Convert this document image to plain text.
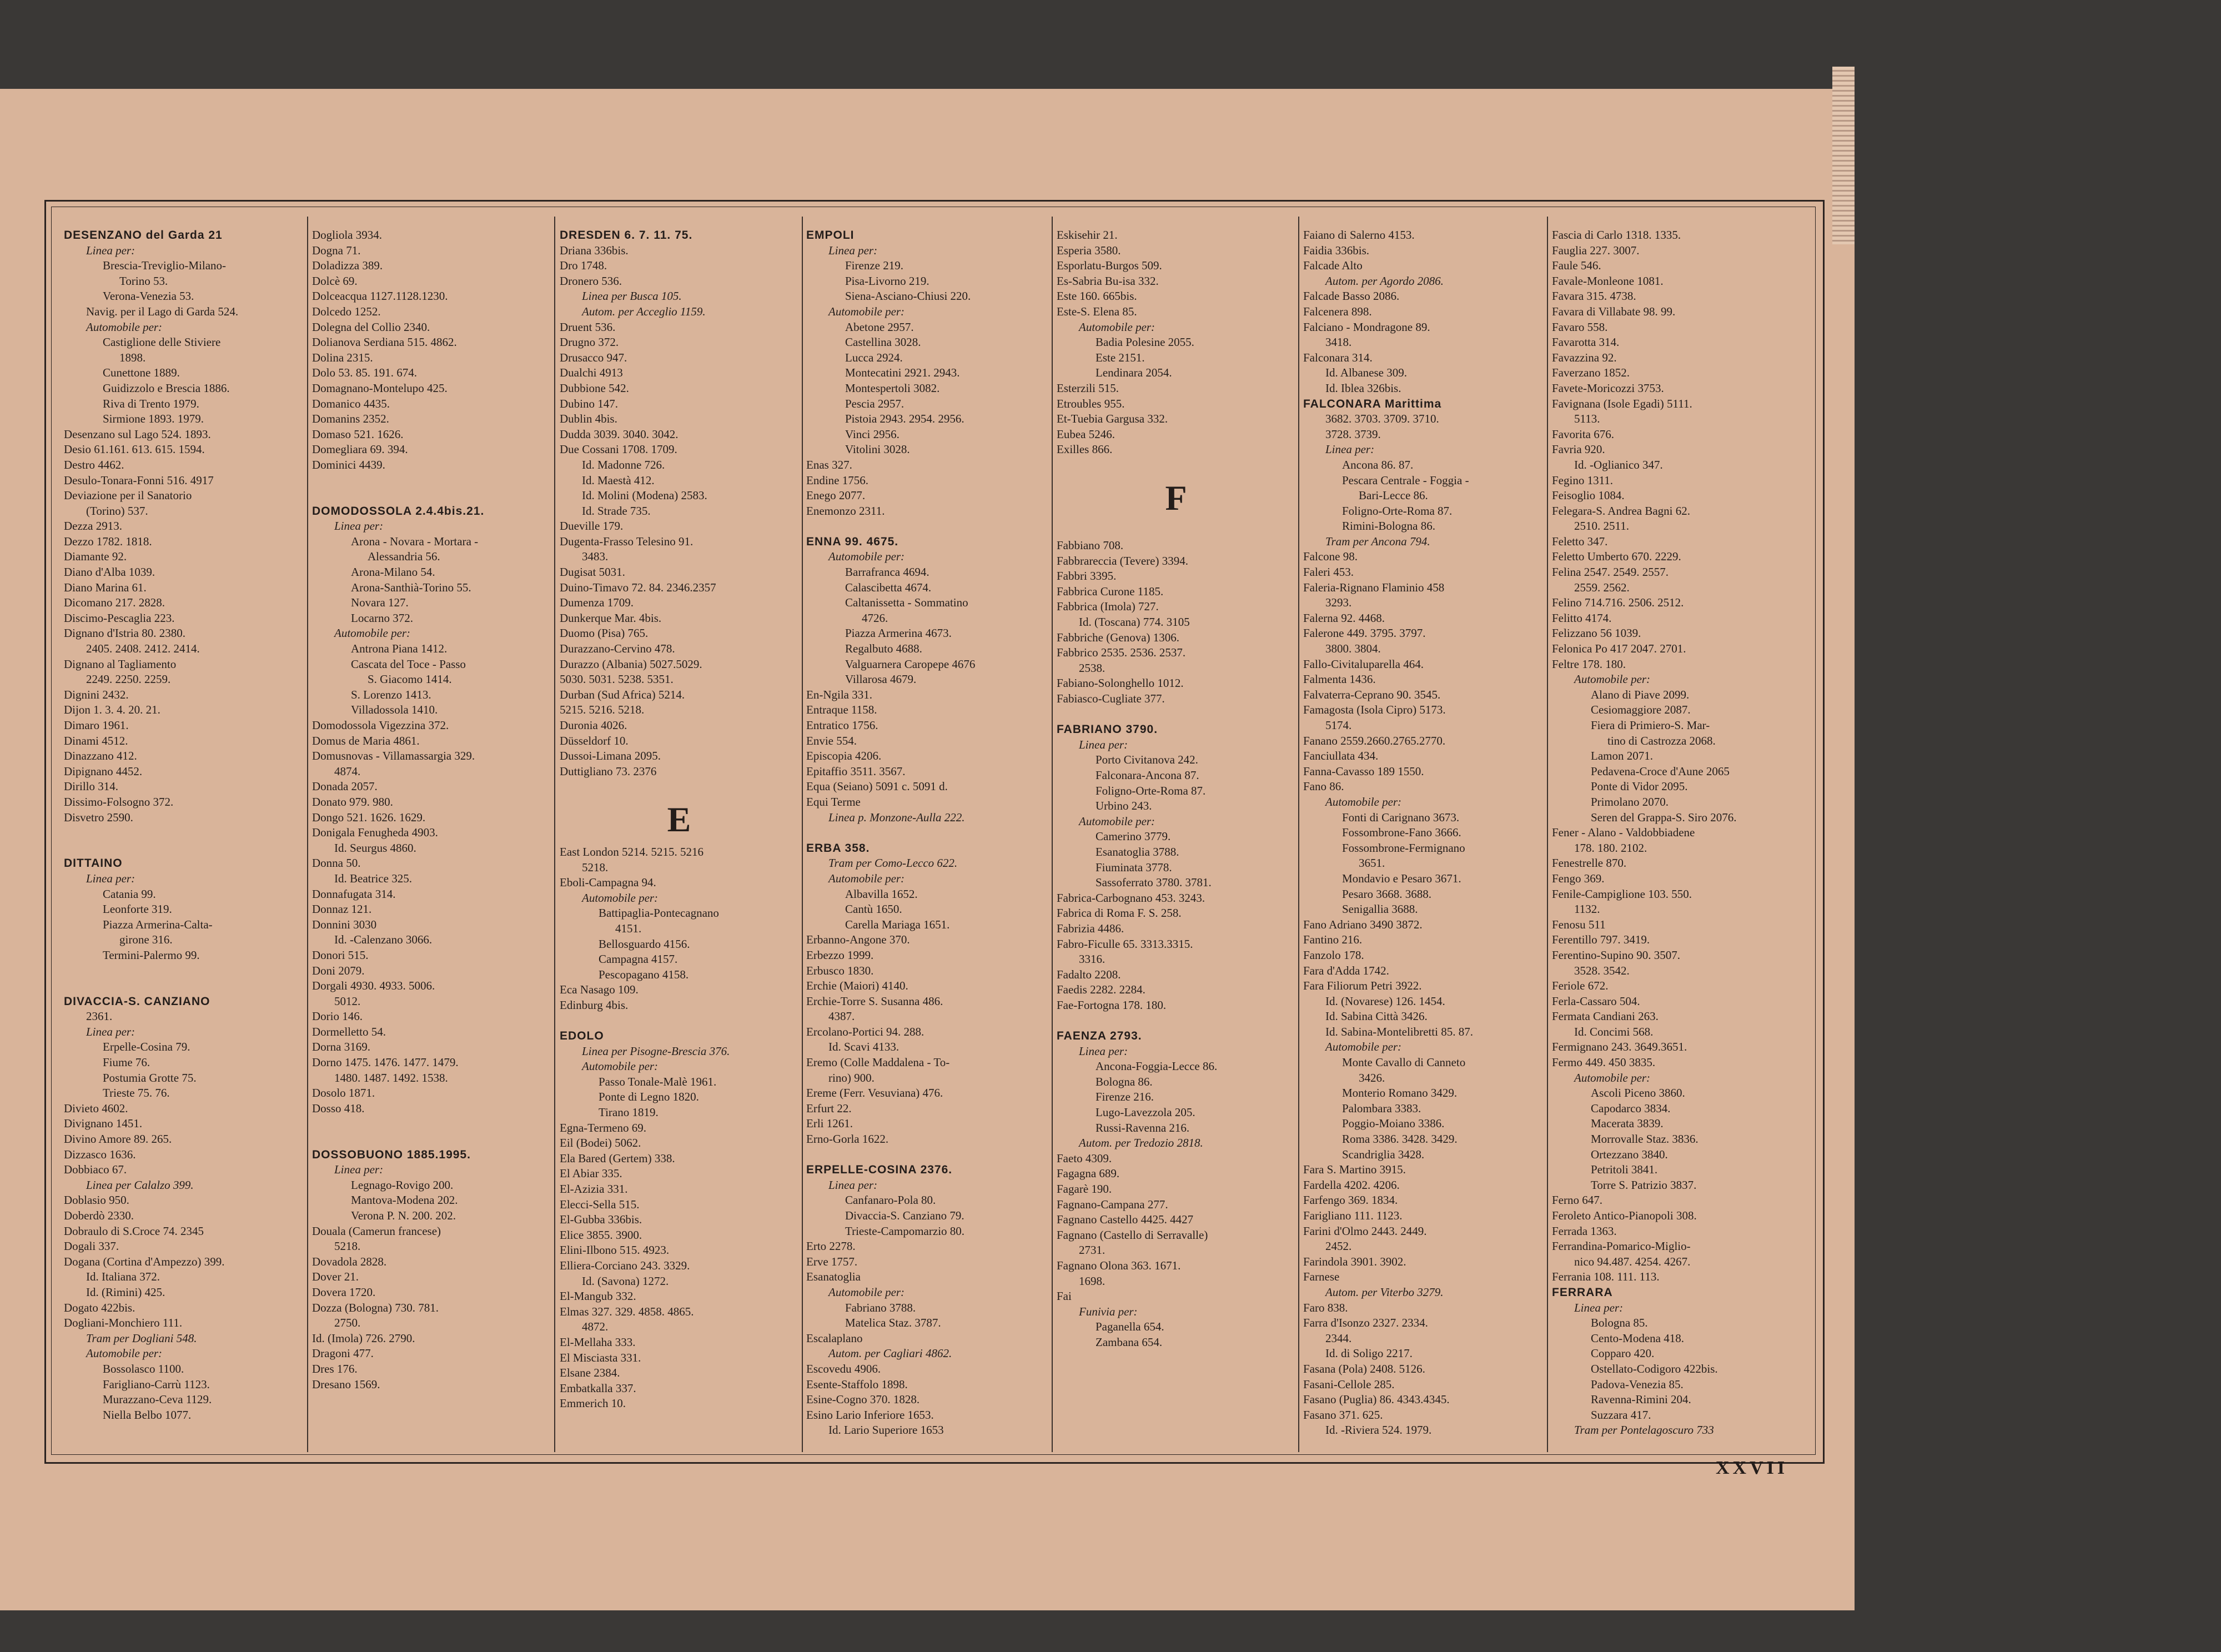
DESENZANO del Garda 21
Linea per:
Brescia-Treviglio-Milano-
Torino 53.
Verona-Venezia 53.
Navig. per il Lago di Garda 524.
Automobile per:
Castiglione delle Stiviere
1898.
Cunettone 1889.
Guidizzolo e Brescia 1886.
Riva di Trento 1979.
Sirmione 1893. 1979.
Desenzano sul Lago 524. 1893.
Desio 61.161. 613. 615. 1594.
Destro 4462.
Desulo-Tonara-Fonni 516. 4917
Deviazione per il Sanatorio
(Torino) 537.
Dezza 2913.
Dezzo 1782. 1818.
Diamante 92.
Diano d'Alba 1039.
Diano Marina 61.
Dicomano 217. 2828.
Discimo-Pescaglia 223.
Dignano d'Istria 80. 2380.
2405. 2408. 2412. 2414.
Dignano al Tagliamento
2249. 2250. 2259.
Dignini 2432.
Dijon 1. 3. 4. 20. 21.
Dimaro 1961.
Dinami 4512.
Dinazzano 412.
Dipignano 4452.
Dirillo 314.
Dissimo-Folsogno 372.
Disvetro 2590.
DITTAINO
Linea per:
Catania 99.
Leonforte 319.
Piazza Armerina-Calta-
girone 316.
Termini-Palermo 99.
DIVACCIA-S. CANZIANO
2361.
Linea per:
Erpelle-Cosina 79.
Fiume 76.
Postumia Grotte 75.
Trieste 75. 76.
Divieto 4602.
Divignano 1451.
Divino Amore 89. 265.
Dizzasco 1636.
Dobbiaco 67.
Linea per Calalzo 399.
Doblasio 950.
Doberdò 2330.
Dobraulo di S.Croce 74. 2345
Dogali 337.
Dogana (Cortina d'Ampezzo) 399.
Id. Italiana 372.
Id. (Rimini) 425.
Dogato 422bis.
Dogliani-Monchiero 111.
Tram per Dogliani 548.
Automobile per:
Bossolasco 1100.
Farigliano-Carrù 1123.
Murazzano-Ceva 1129.
Niella Belbo 1077.
Dogliola 3934.
Dogna 71.
Doladizza 389.
Dolcè 69.
Dolceacqua 1127.1128.1230.
Dolcedo 1252.
Dolegna del Collio 2340.
Dolianova Serdiana 515. 4862.
Dolina 2315.
Dolo 53. 85. 191. 674.
Domagnano-Montelupo 425.
Domanico 4435.
Domanins 2352.
Domaso 521. 1626.
Domegliara 69. 394.
Dominici 4439.
DOMODOSSOLA 2.4.4bis.21.
Linea per:
Arona - Novara - Mortara -
Alessandria 56.
Arona-Milano 54.
Arona-Santhià-Torino 55.
Novara 127.
Locarno 372.
Automobile per:
Antrona Piana 1412.
Cascata del Toce - Passo
S. Giacomo 1414.
S. Lorenzo 1413.
Villadossola 1410.
Domodossola Vigezzina 372.
Domus de Maria 4861.
Domusnovas - Villamassargia 329.
4874.
Donada 2057.
Donato 979. 980.
Dongo 521. 1626. 1629.
Donigala Fenugheda 4903.
Id. Seurgus 4860.
Donna 50.
Id. Beatrice 325.
Donnafugata 314.
Donnaz 121.
Donnini 3030
Id. -Calenzano 3066.
Donori 515.
Doni 2079.
Dorgali 4930. 4933. 5006.
5012.
Dorio 146.
Dormelletto 54.
Dorna 3169.
Dorno 1475. 1476. 1477. 1479.
1480. 1487. 1492. 1538.
Dosolo 1871.
Dosso 418.
DOSSOBUONO 1885.1995.
Linea per:
Legnago-Rovigo 200.
Mantova-Modena 202.
Verona P. N. 200. 202.
Douala (Camerun francese)
5218.
Dovadola 2828.
Dover 21.
Dovera 1720.
Dozza (Bologna) 730. 781.
2750.
Id. (Imola) 726. 2790.
Dragoni 477.
Dres 176.
Dresano 1569.
DRESDEN 6. 7. 11. 75.
Driana 336bis.
Dro 1748.
Dronero 536.
Linea per Busca 105.
Autom. per Acceglio 1159.
Druent 536.
Drugno 372.
Drusacco 947.
Dualchi 4913
Dubbione 542.
Dubino 147.
Dublin 4bis.
Dudda 3039. 3040. 3042.
Due Cossani 1708. 1709.
Id. Madonne 726.
Id. Maestà 412.
Id. Molini (Modena) 2583.
Id. Strade 735.
Dueville 179.
Dugenta-Frasso Telesino 91.
3483.
Dugisat 5031.
Duino-Timavo 72. 84. 2346.2357
Dumenza 1709.
Dunkerque Mar. 4bis.
Duomo (Pisa) 765.
Durazzano-Cervino 478.
Durazzo (Albania) 5027.5029.
5030. 5031. 5238. 5351.
Durban (Sud Africa) 5214.
5215. 5216. 5218.
Duronia 4026.
Düsseldorf 10.
Dussoi-Limana 2095.
Duttigliano 73. 2376
E
East London 5214. 5215. 5216
5218.
Eboli-Campagna 94.
Automobile per:
Battipaglia-Pontecagnano
4151.
Bellosguardo 4156.
Campagna 4157.
Pescopagano 4158.
Eca Nasago 109.
Edinburg 4bis.
EDOLO
Linea per Pisogne-Brescia 376.
Automobile per:
Passo Tonale-Malè 1961.
Ponte di Legno 1820.
Tirano 1819.
Egna-Termeno 69.
Eil (Bodei) 5062.
Ela Bared (Gertem) 338.
El Abiar 335.
El-Azizia 331.
Elecci-Sella 515.
El-Gubba 336bis.
Elice 3855. 3900.
Elini-Ilbono 515. 4923.
Elliera-Corciano 243. 3329.
Id. (Savona) 1272.
El-Mangub 332.
Elmas 327. 329. 4858. 4865.
4872.
El-Mellaha 333.
El Misciasta 331.
Elsane 2384.
Embatkalla 337.
Emmerich 10.
EMPOLI
Linea per:
Firenze 219.
Pisa-Livorno 219.
Siena-Asciano-Chiusi 220.
Automobile per:
Abetone 2957.
Castellina 3028.
Lucca 2924.
Montecatini 2921. 2943.
Montespertoli 3082.
Pescia 2957.
Pistoia 2943. 2954. 2956.
Vinci 2956.
Vitolini 3028.
Enas 327.
Endine 1756.
Enego 2077.
Enemonzo 2311.
ENNA 99. 4675.
Automobile per:
Barrafranca 4694.
Calascibetta 4674.
Caltanissetta - Sommatino
4726.
Piazza Armerina 4673.
Regalbuto 4688.
Valguarnera Caropepe 4676
Villarosa 4679.
En-Ngila 331.
Entraque 1158.
Entratico 1756.
Envie 554.
Episcopia 4206.
Epitaffio 3511. 3567.
Equa (Seiano) 5091 c. 5091 d.
Equi Terme
Linea p. Monzone-Aulla 222.
ERBA 358.
Tram per Como-Lecco 622.
Automobile per:
Albavilla 1652.
Cantù 1650.
Carella Mariaga 1651.
Erbanno-Angone 370.
Erbezzo 1999.
Erbusco 1830.
Erchie (Maiori) 4140.
Erchie-Torre S. Susanna 486.
4387.
Ercolano-Portici 94. 288.
Id. Scavi 4133.
Eremo (Colle Maddalena - To-
rino) 900.
Ereme (Ferr. Vesuviana) 476.
Erfurt 22.
Erli 1261.
Erno-Gorla 1622.
ERPELLE-COSINA 2376.
Linea per:
Canfanaro-Pola 80.
Divaccia-S. Canziano 79.
Trieste-Campomarzio 80.
Erto 2278.
Erve 1757.
Esanatoglia
Automobile per:
Fabriano 3788.
Matelica Staz. 3787.
Escalaplano
Autom. per Cagliari 4862.
Escovedu 4906.
Esente-Staffolo 1898.
Esine-Cogno 370. 1828.
Esino Lario Inferiore 1653.
Id. Lario Superiore 1653
Eskisehir 21.
Esperia 3580.
Esporlatu-Burgos 509.
Es-Sabria Bu-isa 332.
Este 160. 665bis.
Este-S. Elena 85.
Automobile per:
Badia Polesine 2055.
Este 2151.
Lendinara 2054.
Esterzili 515.
Etroubles 955.
Et-Tuebia Gargusa 332.
Eubea 5246.
Exilles 866.
F
Fabbiano 708.
Fabbrareccia (Tevere) 3394.
Fabbri 3395.
Fabbrica Curone 1185.
Fabbrica (Imola) 727.
Id. (Toscana) 774. 3105
Fabbriche (Genova) 1306.
Fabbrico 2535. 2536. 2537.
2538.
Fabiano-Solonghello 1012.
Fabiasco-Cugliate 377.
FABRIANO 3790.
Linea per:
Porto Civitanova 242.
Falconara-Ancona 87.
Foligno-Orte-Roma 87.
Urbino 243.
Automobile per:
Camerino 3779.
Esanatoglia 3788.
Fiuminata 3778.
Sassoferrato 3780. 3781.
Fabrica-Carbognano 453. 3243.
Fabrica di Roma F. S. 258.
Fabrizia 4486.
Fabro-Ficulle 65. 3313.3315.
3316.
Fadalto 2208.
Faedis 2282. 2284.
Fae-Fortogna 178. 180.
FAENZA 2793.
Linea per:
Ancona-Foggia-Lecce 86.
Bologna 86.
Firenze 216.
Lugo-Lavezzola 205.
Russi-Ravenna 216.
Autom. per Tredozio 2818.
Faeto 4309.
Fagagna 689.
Fagarè 190.
Fagnano-Campana 277.
Fagnano Castello 4425. 4427
Fagnano (Castello di Serravalle)
2731.
Fagnano Olona 363. 1671.
1698.
Fai
Funivia per:
Paganella 654.
Zambana 654.
Faiano di Salerno 4153.
Faidia 336bis.
Falcade Alto
Autom. per Agordo 2086.
Falcade Basso 2086.
Falcenera 898.
Falciano - Mondragone 89.
3418.
Falconara 314.
Id. Albanese 309.
Id. Iblea 326bis.
FALCONARA Marittima
3682. 3703. 3709. 3710.
3728. 3739.
Linea per:
Ancona 86. 87.
Pescara Centrale - Foggia -
Bari-Lecce 86.
Foligno-Orte-Roma 87.
Rimini-Bologna 86.
Tram per Ancona 794.
Falcone 98.
Faleri 453.
Faleria-Rignano Flaminio 458
3293.
Falerna 92. 4468.
Falerone 449. 3795. 3797.
3800. 3804.
Fallo-Civitaluparella 464.
Falmenta 1436.
Falvaterra-Ceprano 90. 3545.
Famagosta (Isola Cipro) 5173.
5174.
Fanano 2559.2660.2765.2770.
Fanciullata 434.
Fanna-Cavasso 189 1550.
Fano 86.
Automobile per:
Fonti di Carignano 3673.
Fossombrone-Fano 3666.
Fossombrone-Fermignano
3651.
Mondavio e Pesaro 3671.
Pesaro 3668. 3688.
Senigallia 3688.
Fano Adriano 3490 3872.
Fantino 216.
Fanzolo 178.
Fara d'Adda 1742.
Fara Filiorum Petri 3922.
Id. (Novarese) 126. 1454.
Id. Sabina Città 3426.
Id. Sabina-Montelibretti 85. 87.
Automobile per:
Monte Cavallo di Canneto
3426.
Monterio Romano 3429.
Palombara 3383.
Poggio-Moiano 3386.
Roma 3386. 3428. 3429.
Scandriglia 3428.
Fara S. Martino 3915.
Fardella 4202. 4206.
Farfengo 369. 1834.
Farigliano 111. 1123.
Farini d'Olmo 2443. 2449.
2452.
Farindola 3901. 3902.
Farnese
Autom. per Viterbo 3279.
Faro 838.
Farra d'Isonzo 2327. 2334.
2344.
Id. di Soligo 2217.
Fasana (Pola) 2408. 5126.
Fasani-Cellole 285.
Fasano (Puglia) 86. 4343.4345.
Fasano 371. 625.
Id. -Riviera 524. 1979.
Fascia di Carlo 1318. 1335.
Faugliа 227. 3007.
Faule 546.
Favale-Monleone 1081.
Favara 315. 4738.
Favara di Villabate 98. 99.
Favaro 558.
Favarotta 314.
Favazzina 92.
Faverzano 1852.
Favete-Moricozzi 3753.
Favignana (Isole Egadi) 5111.
5113.
Favorita 676.
Favria 920.
Id. -Oglianico 347.
Fegino 1311.
Feisoglio 1084.
Felegara-S. Andrea Bagni 62.
2510. 2511.
Feletto 347.
Feletto Umberto 670. 2229.
Felina 2547. 2549. 2557.
2559. 2562.
Felino 714.716. 2506. 2512.
Felitto 4174.
Felizzano 56 1039.
Felonica Po 417 2047. 2701.
Feltre 178. 180.
Automobile per:
Alano di Piave 2099.
Cesiomaggiore 2087.
Fiera di Primiero-S. Mar-
tino di Castrozza 2068.
Lamon 2071.
Pedavena-Croce d'Aune 2065
Ponte di Vidor 2095.
Primolano 2070.
Seren del Grappa-S. Siro 2076.
Fener - Alano - Valdobbiadene
178. 180. 2102.
Fenestrelle 870.
Fengo 369.
Fenile-Campiglione 103. 550.
1132.
Fenosu 511
Ferentillo 797. 3419.
Ferentino-Supino 90. 3507.
3528. 3542.
Feriole 672.
Ferla-Cassaro 504.
Fermata Candiani 263.
Id. Concimi 568.
Fermignano 243. 3649.3651.
Fermo 449. 450 3835.
Automobile per:
Ascoli Piceno 3860.
Capodarco 3834.
Macerata 3839.
Morrovalle Staz. 3836.
Ortezzano 3840.
Petritoli 3841.
Torre S. Patrizio 3837.
Ferno 647.
Feroleto Antico-Pianopoli 308.
Ferrada 1363.
Ferrandina-Pomarico-Miglio-
nico 94.487. 4254. 4267.
Ferrania 108. 111. 113.
FERRARA
Linea per:
Bologna 85.
Cento-Modena 418.
Copparo 420.
Ostellato-Codigoro 422bis.
Padova-Venezia 85.
Ravenna-Rimini 204.
Suzzara 417.
Tram per Pontelagoscuro 733
XXVII
